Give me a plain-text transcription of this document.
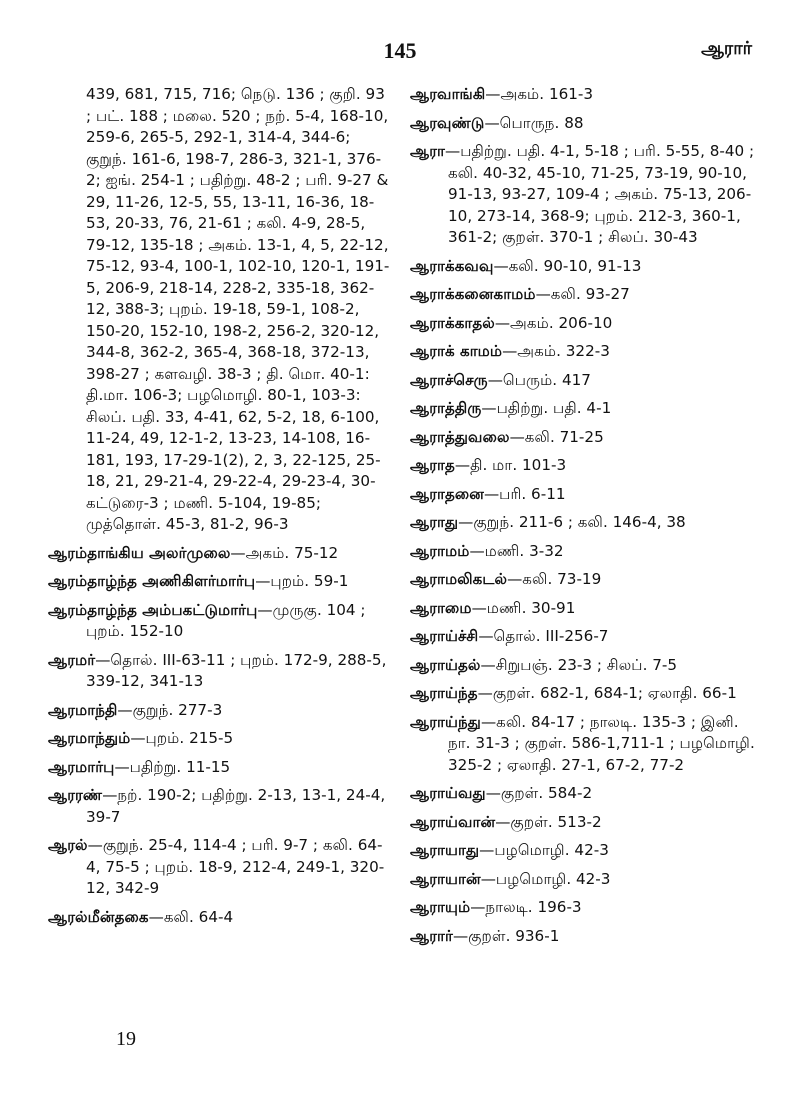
145	ஆரார்
439, 681, 715, 716; நெடு. 136 ; குறி. 93 ; பட். 188 ; மலை. 520 ; நற். 5-4, 168-10, 259-6, 265-5, 292-1, 314-4, 344-6; குறுந். 161-6, 198-7, 286-3, 321-1, 376-2; ஐங். 254-1 ; பதிற்று. 48-2 ; பரி. 9-27 & 29, 11-26, 12-5, 55, 13-11, 16-36, 18-53, 20-33, 76, 21-61 ; கலி. 4-9, 28-5, 79-12, 135-18 ; அகம். 13-1, 4, 5, 22-12, 75-12, 93-4, 100-1, 102-10, 120-1, 191-5, 206-9, 218-14, 228-2, 335-18, 362-12, 388-3; புறம். 19-18, 59-1, 108-2, 150-20, 152-10, 198-2, 256-2, 320-12, 344-8, 362-2, 365-4, 368-18, 372-13, 398-27 ; களவழி. 38-3 ; தி. மொ. 40-1: தி.மா. 106-3; பழமொழி. 80-1, 103-3: சிலப். பதி. 33, 4-41, 62, 5-2, 18, 6-100, 11-24, 49, 12-1-2, 13-23, 14-108, 16-181, 193, 17-29-1(2), 2, 3, 22-125, 25-18, 21, 29-21-4, 29-22-4, 29-23-4, 30-கட்டுரை-3 ; மணி. 5-104, 19-85; முத்தொள். 45-3, 81-2, 96-3
ஆரம்தாங்கிய அலர்முலை—அகம். 75-12
ஆரம்தாழ்ந்த அணிகிளர்மார்பு—புறம். 59-1
ஆரம்தாழ்ந்த அம்பகட்டுமார்பு—முருகு. 104 ; புறம். 152-10
ஆரமர்—தொல். III-63-11 ; புறம். 172-9, 288-5, 339-12, 341-13
ஆரமாந்தி—குறுந். 277-3
ஆரமாந்தும்—புறம். 215-5
ஆரமார்பு—பதிற்று. 11-15
ஆரரண்—நற். 190-2; பதிற்று. 2-13, 13-1, 24-4, 39-7
ஆரல்—குறுந். 25-4, 114-4 ; பரி. 9-7 ; கலி. 64-4, 75-5 ; புறம். 18-9, 212-4, 249-1, 320-12, 342-9
ஆரல்மீன்தகை—கலி. 64-4
ஆரவாங்கி—அகம். 161-3
ஆரவுண்டு—பொருந. 88
ஆரா—பதிற்று. பதி. 4-1, 5-18 ; பரி. 5-55, 8-40 ; கலி. 40-32, 45-10, 71-25, 73-19, 90-10, 91-13, 93-27, 109-4 ; அகம். 75-13, 206-10, 273-14, 368-9; புறம். 212-3, 360-1, 361-2; குறள். 370-1 ; சிலப். 30-43
ஆராக்கவவு—கலி. 90-10, 91-13
ஆராக்கனைகாமம்—கலி. 93-27
ஆராக்காதல்—அகம். 206-10
ஆராக் காமம்—அகம். 322-3
ஆராச்செரு—பெரும். 417
ஆராத்திரு—பதிற்று. பதி. 4-1
ஆராத்துவலை—கலி. 71-25
ஆராத—தி. மா. 101-3
ஆராதனை—பரி. 6-11
ஆராது—குறுந். 211-6 ; கலி. 146-4, 38
ஆராமம்—மணி. 3-32
ஆராமலிகடல்—கலி. 73-19
ஆராமை—மணி. 30-91
ஆராய்ச்சி—தொல். III-256-7
ஆராய்தல்—சிறுபஞ். 23-3 ; சிலப். 7-5
ஆராய்ந்த—குறள். 682-1, 684-1; ஏலாதி. 66-1
ஆராய்ந்து—கலி. 84-17 ; நாலடி. 135-3 ; இனி. நா. 31-3 ; குறள். 586-1,711-1 ; பழமொழி. 325-2 ; ஏலாதி. 27-1, 67-2, 77-2
ஆராய்வது—குறள். 584-2
ஆராய்வான்—குறள். 513-2
ஆராயாது—பழமொழி. 42-3
ஆராயான்—பழமொழி. 42-3
ஆராயும்—நாலடி. 196-3
ஆரார்—குறள். 936-1
19
